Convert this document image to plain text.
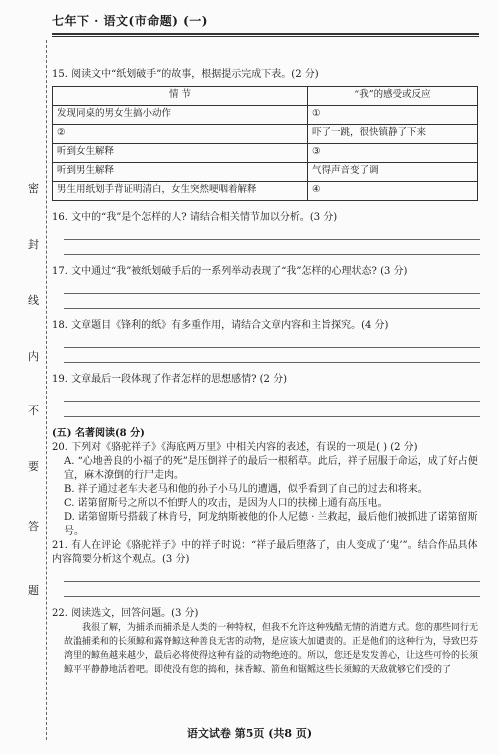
七年下 · 语文(市命题) (一)
密
封
线
内
不
要
答
题
15. 阅读文中“纸划破手”的故事，根据提示完成下表。(2 分)
情 节	“我”的感受或反应
发现同桌的男女生搞小动作	①
②	吓了一跳，很快镇静了下来
听到女生解释	③
听到男生解释	气得声音变了调
男生用纸划手背证明清白，女生突然哽咽着解释	④
16. 文中的“我”是个怎样的人? 请结合相关情节加以分析。(3 分)
17. 文中通过“我”被纸划破手后的一系列举动表现了“我”怎样的心理状态? (3 分)
18. 文章题目《锋利的纸》有多重作用，请结合文章内容和主旨探究。(4 分)
19. 文章最后一段体现了作者怎样的思想感情? (2 分)
(五) 名著阅读(8 分)
20. 下列对《骆驼祥子》《海底两万里》中相关内容的表述，有误的一项是( ) (2 分)
A. “心地善良的小福子的死”是压倒祥子的最后一根稻草。此后，祥子屈服于命运，成了好占便宜，麻木潦倒的行尸走肉。
B. 祥子通过老车夫老马和他的孙子小马儿的遭遇，似乎看到了自己的过去和将来。
C. 诺第留斯号之所以不怕野人的攻击，是因为人口的扶梯上通有高压电。
D. 诺第留斯号搭载了林肯号，阿龙纳斯被他的仆人尼德 · 兰救起，最后他们被抓进了诺第留斯号。
21. 有人在评论《骆驼祥子》中的祥子时说：“祥子最后堕落了，由人变成了‘鬼’”。结合作品具体内容简要分析这个观点。(3 分)
22. 阅读选文，回答问题。(3 分)
我很了解，为捕杀而捕杀是人类的一种特权，但我不允许这种残酷无情的消遣方式。您的那些同行无故滥捕柔和的长须鲸和露脊鲸这种善良无害的动物，是应该大加谴责的。正是他们的这种行为，导致巴芬湾里的鲸鱼越来越少，最后必将使得这种有益的动物绝迹的。所以，您还是发发善心，让这些可怜的长须鲸平平静静地活着吧。即使没有您的捣和，抹香鲸、箭鱼和锯鳐这些长须鲸的天敌就够它们受的了
语文试卷 第5页 (共8 页)
